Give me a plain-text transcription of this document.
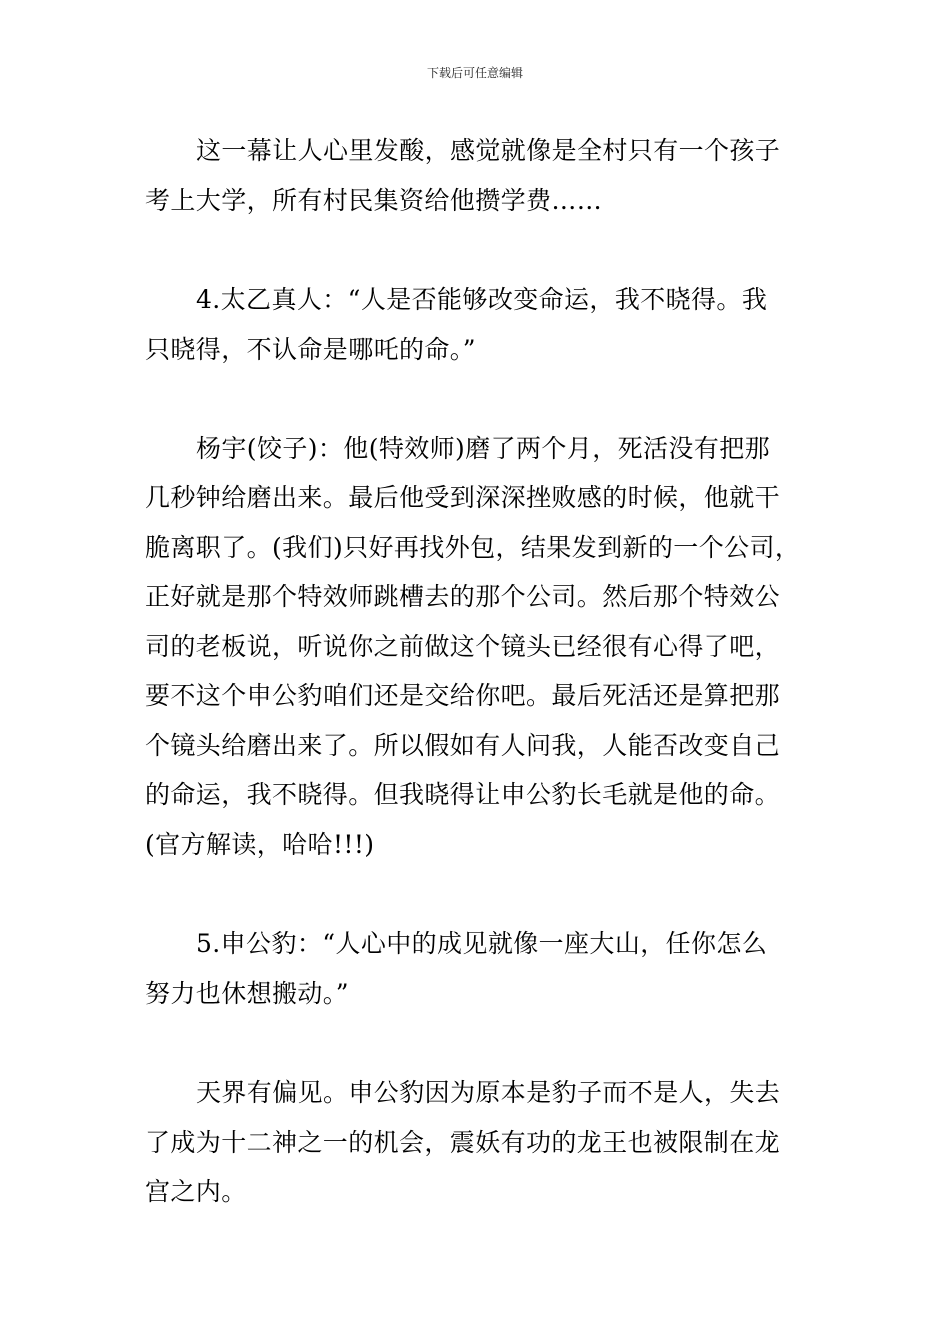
下载后可任意编辑
这一幕让人心里发酸，感觉就像是全村只有一个孩子
考上大学，所有村民集资给他攒学费……
4.太乙真人：“人是否能够改变命运，我不晓得。我
只晓得，不认命是哪吒的命。”
杨宇(饺子)：他(特效师)磨了两个月，死活没有把那
几秒钟给磨出来。最后他受到深深挫败感的时候，他就干
脆离职了。(我们)只好再找外包，结果发到新的一个公司，
正好就是那个特效师跳槽去的那个公司。然后那个特效公
司的老板说，听说你之前做这个镜头已经很有心得了吧，
要不这个申公豹咱们还是交给你吧。最后死活还是算把那
个镜头给磨出来了。所以假如有人问我，人能否改变自己
的命运，我不晓得。但我晓得让申公豹长毛就是他的命。
(官方解读，哈哈!!!)
5.申公豹：“人心中的成见就像一座大山，任你怎么
努力也休想搬动。”
天界有偏见。申公豹因为原本是豹子而不是人，失去
了成为十二神之一的机会，震妖有功的龙王也被限制在龙
宫之内。
